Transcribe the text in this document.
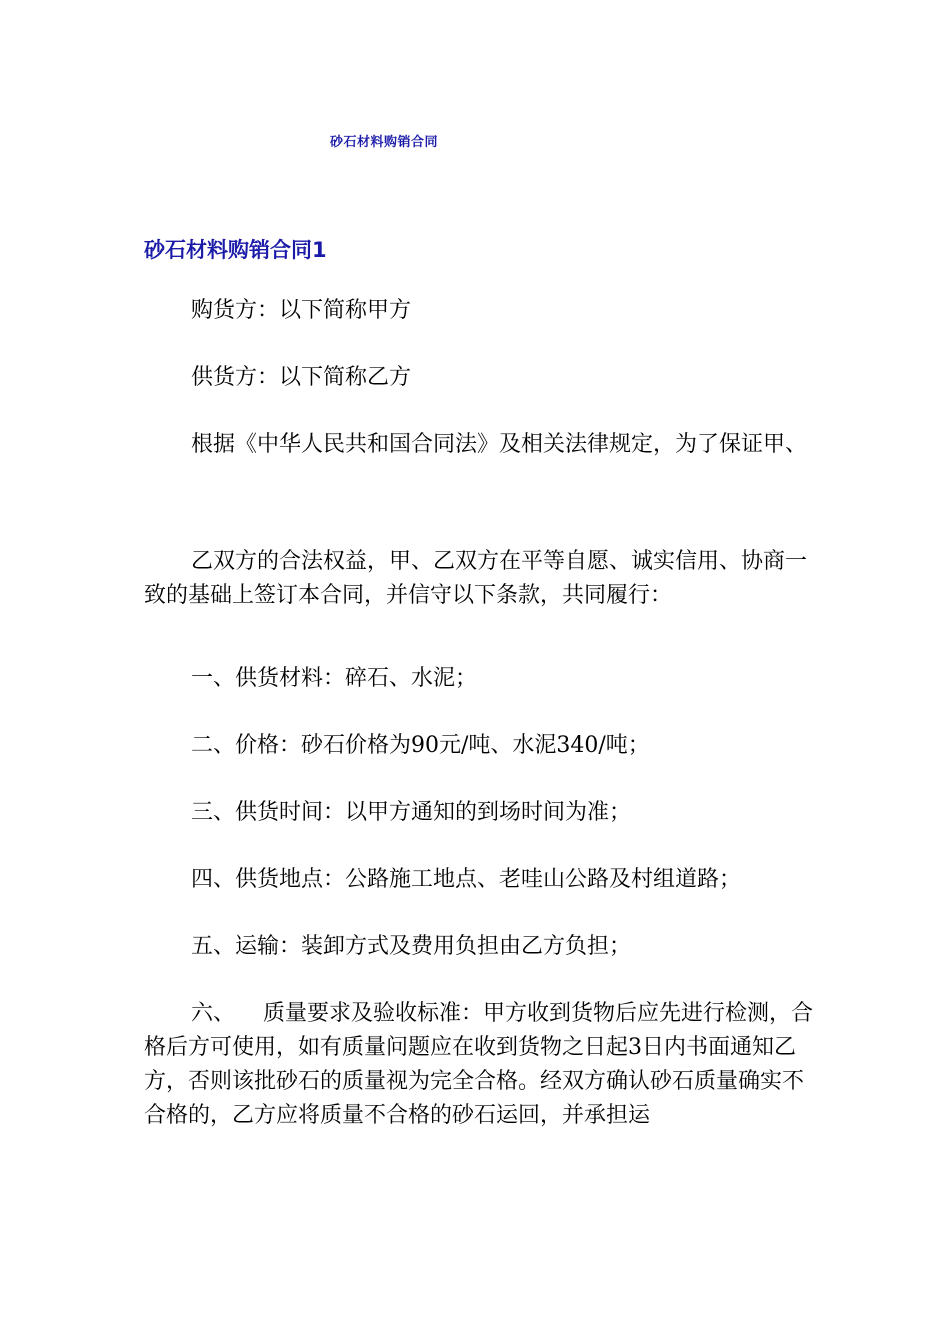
砂石材料购销合同
砂石材料购销合同1

购货方：以下简称甲方

供货方：以下简称乙方

根据《中华人民共和国合同法》及相关法律规定，为了保证甲、

乙双方的合法权益，甲、乙双方在平等自愿、诚实信用、协商一致的基础上签订本合同，并信守以下条款，共同履行：

一、供货材料：碎石、水泥；

二、价格：砂石价格为90元/吨、水泥340/吨；

三、供货时间：以甲方通知的到场时间为准；

四、供货地点：公路施工地点、老哇山公路及村组道路；

五、运输：装卸方式及费用负担由乙方负担；

六、 质量要求及验收标准：甲方收到货物后应先进行检测，合格后方可使用，如有质量问题应在收到货物之日起3日内书面通知乙方，否则该批砂石的质量视为完全合格。经双方确认砂石质量确实不合格的，乙方应将质量不合格的砂石运回，并承担运
